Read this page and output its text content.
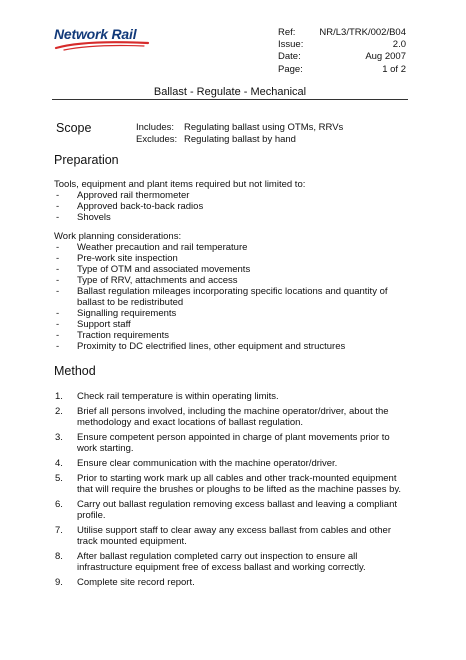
Network Rail	Ref:	NR/L3/TRK/002/B04
Issue:	2.0
Date:	Aug 2007
Page:	1 of 2
Ballast - Regulate - Mechanical
Scope	Includes:	Regulating ballast using OTMs, RRVs
Excludes: Regulating ballast by hand
Preparation
Tools, equipment and plant items required but not limited to:
- Approved rail thermometer
- Approved back-to-back radios
- Shovels
Work planning considerations:
- Weather precaution and rail temperature
- Pre-work site inspection
- Type of OTM and associated movements
- Type of RRV, attachments and access
- Ballast regulation mileages incorporating specific locations and quantity of ballast to be redistributed
- Signalling requirements
- Support staff
- Traction requirements
- Proximity to DC electrified lines, other equipment and structures
Method
1. Check rail temperature is within operating limits.
2. Brief all persons involved, including the machine operator/driver, about the methodology and exact locations of ballast regulation.
3. Ensure competent person appointed in charge of plant movements prior to work starting.
4. Ensure clear communication with the machine operator/driver.
5. Prior to starting work mark up all cables and other track-mounted equipment that will require the brushes or ploughs to be lifted as the machine passes by.
6. Carry out ballast regulation removing excess ballast and leaving a compliant profile.
7. Utilise support staff to clear away any excess ballast from cables and other track mounted equipment.
8. After ballast regulation completed carry out inspection to ensure all infrastructure equipment free of excess ballast and working correctly.
9. Complete site record report.
